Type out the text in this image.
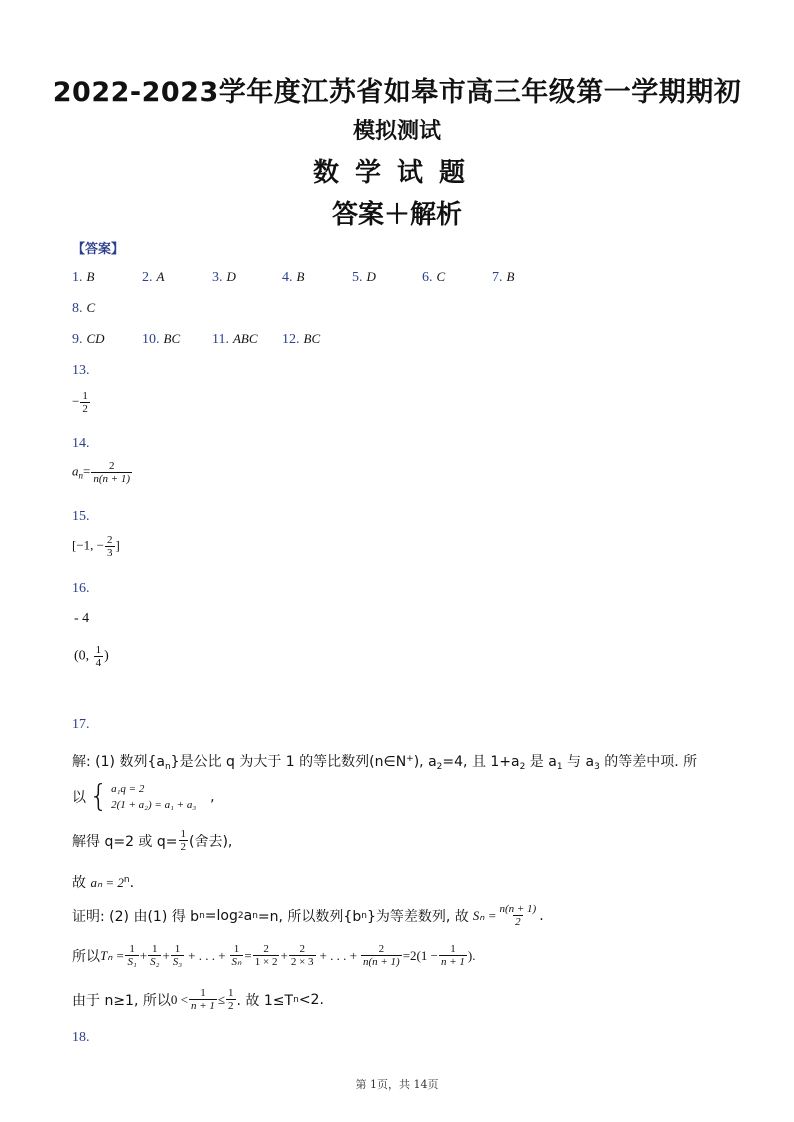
2022-2023学年度江苏省如皋市高三年级第一学期期初
模拟测试
数学试题
答案＋解析
【答案】
1. B	2. A	3. D	4. B	5. D	6. C	7. B
8. C
9. CD	10. BC	11. ABC	12. BC
13.
− $\frac{1}{2}$
14.
$a_n= \frac{2}{n(n + 1)}$
15.
[−1, − $\frac{2}{3}$ ]
16.
- 4
(0, $\frac{1}{4}$ )
17.
解: (1) 数列$\{a_n\}$是公比 q 为大于 1 的等比数列(n∈N+), $a_2=4$, 且 $1+a_2$ 是 $a_1$ 与 $a_3$ 的等差中项. 所
以 { a₁q = 2
2(1 + a₂) = a₁ + a₃ ,
解得 q=2 或 $q= \frac{1}{2}$ (舍去),
故 $a_n = 2^n$.
证明: (2) 由(1) 得 b n =log 2 a n =n, 所以数列{b n }为等差数列, 故 $S_n = \frac{n(n + 1)}{2}$ .
所以 $T_n = \frac{1}{\text{S₁}} + \frac{1}{\text{S₂}} + \frac{1}{\text{S₃}}$ + . . . + $\frac{1}{\text{Sₙ}} = \frac{2}{1 \times 2} + \frac{2}{2 \times 3}$ + . . . + $\frac{2}{n(n + 1)} =2(1 - \frac{1}{n + 1}$ ).
由于 n≥1, 所以 $0 < \frac{1}{n + 1} \le \frac{1}{2}$ . 故 1≤T n <2.
18.
第 1页，共 14页
